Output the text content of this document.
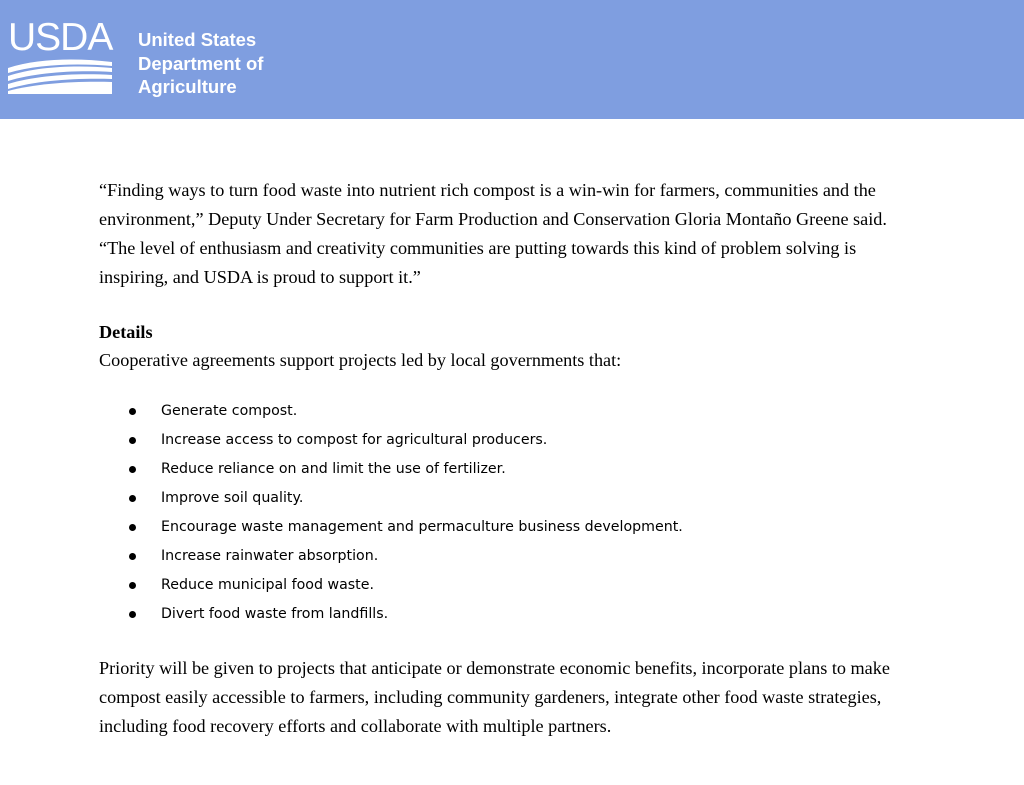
USDA United States
Department of
Agriculture

“Finding ways to turn food waste into nutrient rich compost is a win-win for farmers, communities and the environment,” Deputy Under Secretary for Farm Production and Conservation Gloria Montaño Greene said. “The level of enthusiasm and creativity communities are putting towards this kind of problem solving is inspiring, and USDA is proud to support it.”

Details
Cooperative agreements support projects led by local governments that:
Generate compost.
Increase access to compost for agricultural producers.
Reduce reliance on and limit the use of fertilizer.
Improve soil quality.
Encourage waste management and permaculture business development.
Increase rainwater absorption.
Reduce municipal food waste.
Divert food waste from landfills.

Priority will be given to projects that anticipate or demonstrate economic benefits, incorporate plans to make compost easily accessible to farmers, including community gardeners, integrate other food waste strategies, including food recovery efforts and collaborate with multiple partners.
